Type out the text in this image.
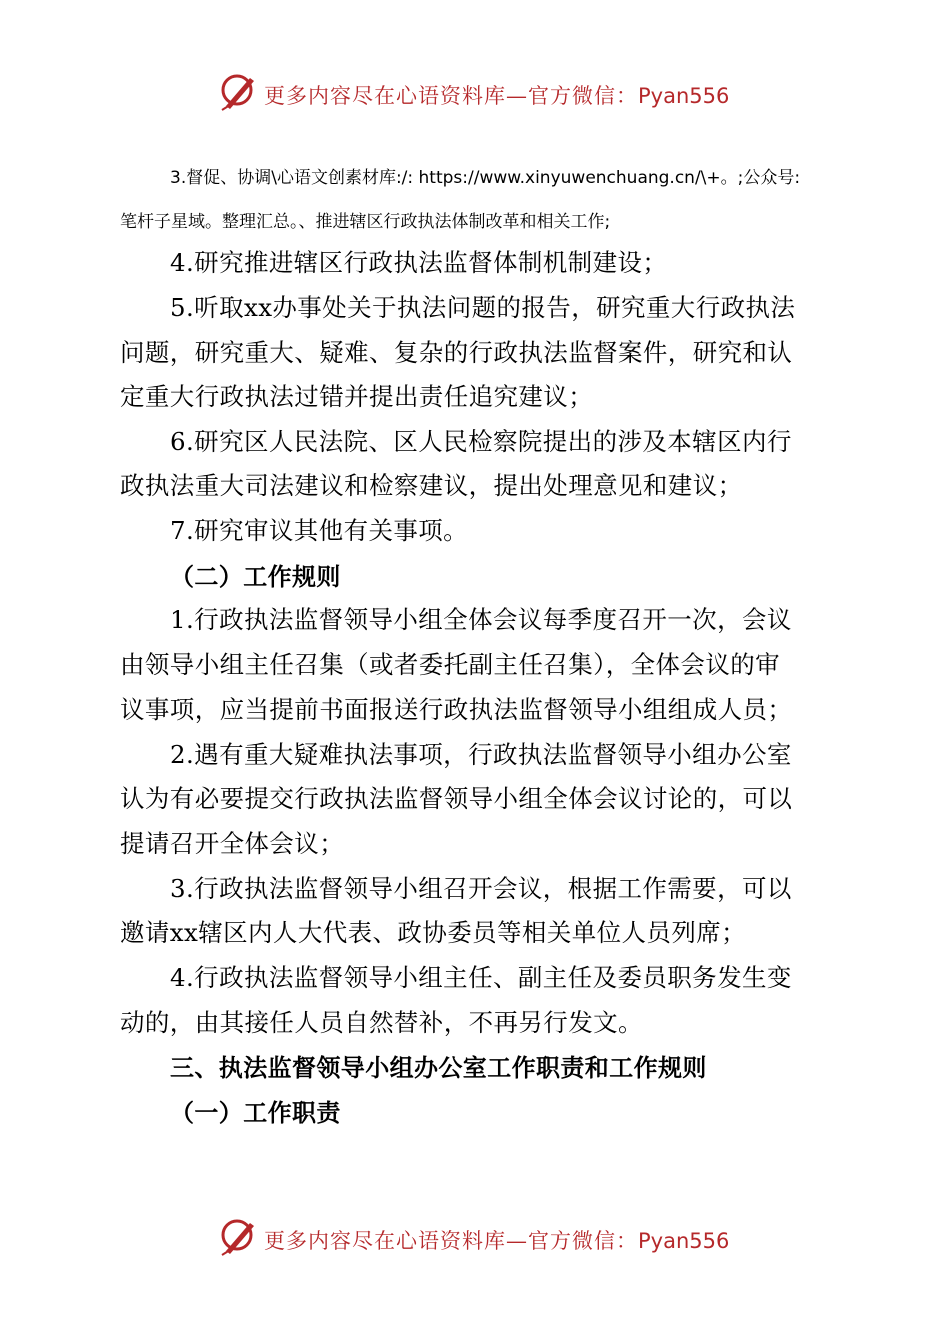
更多内容尽在心语资料库—官方微信：Pyan556
3.督促、协调\心语文创素材库:/: https://www.xinyuwenchuang.cn/\+。;公众号:
笔杆子星域。整理汇总。、推进辖区行政执法体制改革和相关工作;
4.研究推进辖区行政执法监督体制机制建设；
5.听取xx办事处关于执法问题的报告，研究重大行政执法
问题，研究重大、疑难、复杂的行政执法监督案件，研究和认
定重大行政执法过错并提出责任追究建议；
6.研究区人民法院、区人民检察院提出的涉及本辖区内行
政执法重大司法建议和检察建议，提出处理意见和建议；
7.研究审议其他有关事项。
（二）工作规则
1.行政执法监督领导小组全体会议每季度召开一次，会议
由领导小组主任召集（或者委托副主任召集），全体会议的审
议事项，应当提前书面报送行政执法监督领导小组组成人员；
2.遇有重大疑难执法事项，行政执法监督领导小组办公室
认为有必要提交行政执法监督领导小组全体会议讨论的，可以
提请召开全体会议；
3.行政执法监督领导小组召开会议，根据工作需要，可以
邀请xx辖区内人大代表、政协委员等相关单位人员列席；
4.行政执法监督领导小组主任、副主任及委员职务发生变
动的，由其接任人员自然替补，不再另行发文。
三、执法监督领导小组办公室工作职责和工作规则
（一）工作职责
更多内容尽在心语资料库—官方微信：Pyan556
